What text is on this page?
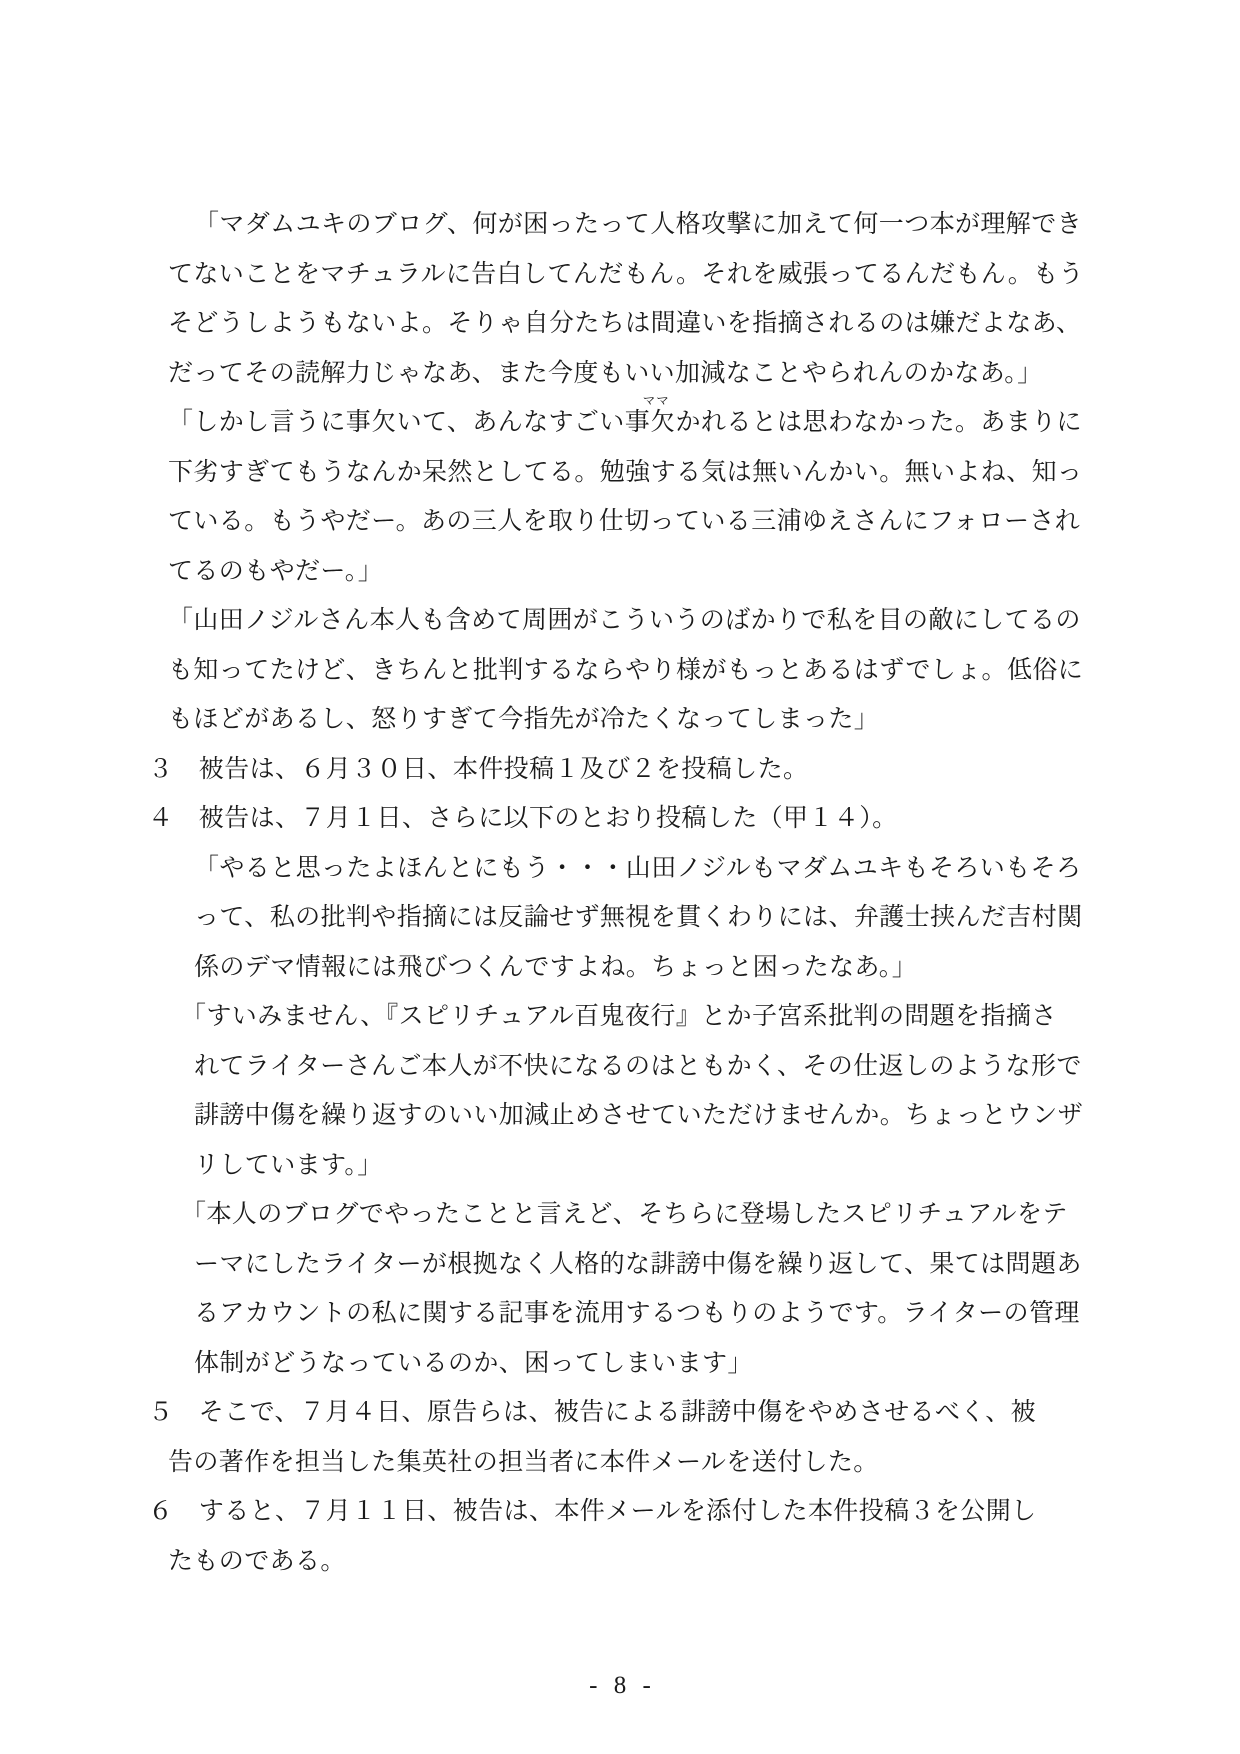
「マダムユキのブログ、何が困ったって人格攻撃に加えて何一つ本が理解でき
てないことをマチュラルに告白してんだもん。それを威張ってるんだもん。もう
そどうしようもないよ。そりゃ自分たちは間違いを指摘されるのは嫌だよなあ、
だってその読解力じゃなあ、また今度もいい加減なことやられんのかなあ。」
「しかし言うに事欠いて、あんなすごい
ママ
事欠かれるとは思わなかった。あまりに
下劣すぎてもうなんか呆然としてる。勉強する気は無いんかい。無いよね、知っ
ている。もうやだー。あの三人を取り仕切っている三浦ゆえさんにフォローされ
てるのもやだー。」
「山田ノジルさん本人も含めて周囲がこういうのばかりで私を目の敵にしてるの
も知ってたけど、きちんと批判するならやり様がもっとあるはずでしょ。低俗に
もほどがあるし、怒りすぎて今指先が冷たくなってしまった」
３　被告は、６月３０日、本件投稿１及び２を投稿した。
４　被告は、７月１日、さらに以下のとおり投稿した（甲１４）。
「やると思ったよほんとにもう・・・山田ノジルもマダムユキもそろいもそろ
って、私の批判や指摘には反論せず無視を貫くわりには、弁護士挟んだ吉村関
係のデマ情報には飛びつくんですよね。ちょっと困ったなあ。」
「すいみません、『スピリチュアル百鬼夜行』とか子宮系批判の問題を指摘さ
れてライターさんご本人が不快になるのはともかく、その仕返しのような形で
誹謗中傷を繰り返すのいい加減止めさせていただけませんか。ちょっとウンザ
リしています。」
「本人のブログでやったことと言えど、そちらに登場したスピリチュアルをテ
ーマにしたライターが根拠なく人格的な誹謗中傷を繰り返して、果ては問題あ
るアカウントの私に関する記事を流用するつもりのようです。ライターの管理
体制がどうなっているのか、困ってしまいます」
５　そこで、７月４日、原告らは、被告による誹謗中傷をやめさせるべく、被
告の著作を担当した集英社の担当者に本件メールを送付した。
６　すると、７月１１日、被告は、本件メールを添付した本件投稿３を公開し
たものである。
- 8 -
